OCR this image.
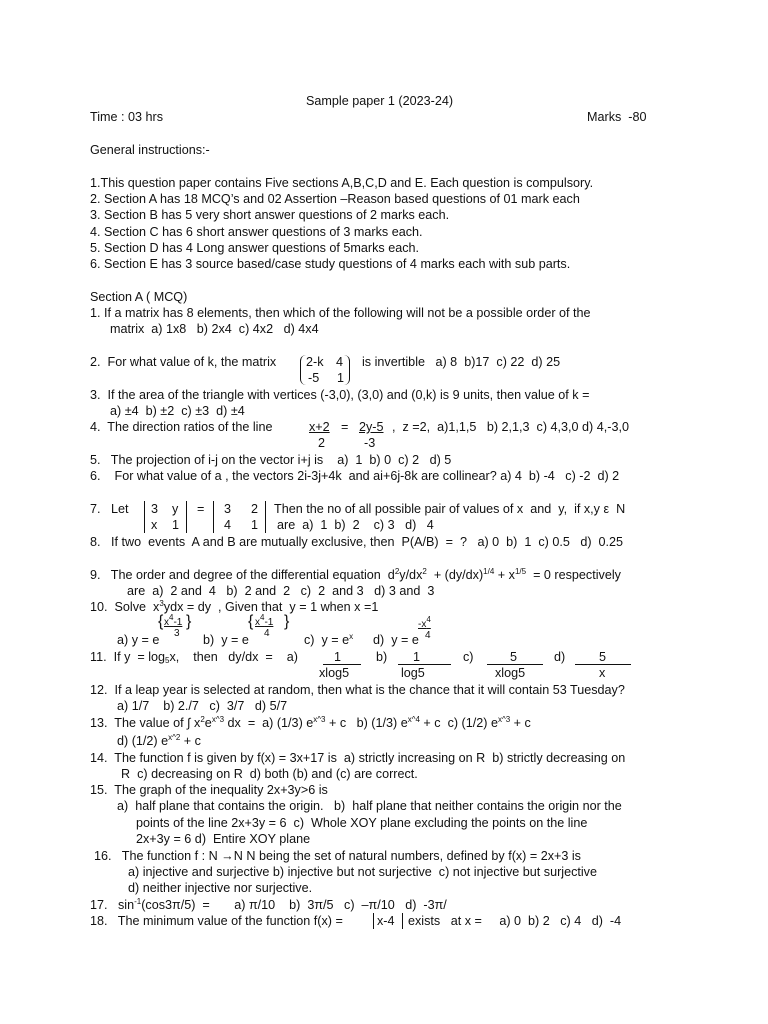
Sample paper 1 (2023-24)
Time : 03 hrs	Marks  -80
General instructions:-
1.This question paper contains Five sections A,B,C,D and E. Each question is compulsory.
2. Section A has 18 MCQ’s and 02 Assertion –Reason based questions of 01 mark each
3. Section B has 5 very short answer questions of 2 marks each.
4. Section C has 6 short answer questions of 3 marks each.
5. Section D has 4 Long answer questions of 5marks each.
6. Section E has 3 source based/case study questions of 4 marks each with sub parts.
Section A ( MCQ)
1. If a matrix has 8 elements, then which of the following will not be a possible order of the
matrix  a) 1x8   b) 2x4  c) 4x2   d) 4x4
2.  For what value of k, the matrix 2-k 4
-5 1
is invertible   a) 8  b)17  c) 22  d) 25
3.  If the area of the triangle with vertices (-3,0), (3,0) and (0,k) is 9 units, then value of k =
a) ±4  b) ±2  c) ±3  d) ±4
4.  The direction ratios of the line	x+2 = 2y-5 ,  z =2,  a)1,1,5   b) 2,1,3  c) 4,3,0 d) 4,-3,0
2	-3
5.   The projection of i-j on the vector i+j is    a)  1  b) 0  c) 2   d) 5
6.    For what value of a , the vectors 2i-3j+4k  and ai+6j-8k are collinear? a) 4  b) -4   c) -2  d) 2
7.   Let 3 y
x 1
= 3 2
4 1
Then the no of all possible pair of values of x  and  y,  if x,y ε  N
are  a)  1  b)  2    c) 3   d)   4
8.   If two  events  A and B are mutually exclusive, then  P(A/B)  =  ?   a) 0  b)  1  c) 0.5   d)  0.25
9.   The order and degree of the differential equation  $d^2y/dx^2 + (dy/dx)^{1/4} + x^{1/5} = 0$ respectively
are  a)  2 and  4   b)  2 and  2   c)  2  and 3   d) 3 and  3
10.  Solve  $x^3ydx$ = dy  , Given that  y = 1 when x =1
$x^4-1$
3
{ }	$x^4-1$
4
{ }	$-x^4$
4
a) y = e	b)  y = e	c)  $y = e^x$ d)  y = e
11.  If $y = \log_5x$,    then   dy/dx  =    a)	1
xlog5
b) 1
log5
c)	5
xlog5
d)	5
x
12.  If a leap year is selected at random, then what is the chance that it will contain 53 Tuesday?
a) 1/7    b) 2./7   c)  3/7   d) 5/7
13.  The value of ∫ $x^2e^{x\^{}3}$ dx  =  a) (1/3) $e^{x\^{}3} + c$   b) (1/3) $e^{x\^{}4} + c$  c) (1/2) $e^{x\^{}3} + c$
d) (1/2) $e^{x\^{}2} + c$
14.  The function f is given by f(x) = 3x+17 is  a) strictly increasing on R  b) strictly decreasing on
R  c) decreasing on R  d) both (b) and (c) are correct.
15.  The graph of the inequality 2x+3y>6 is
a)  half plane that contains the origin.   b)  half plane that neither contains the origin nor the
points of the line 2x+3y = 6  c)  Whole XOY plane excluding the points on the line
2x+3y = 6 d)  Entire XOY plane
16.   The function f : N →N N being the set of natural numbers, defined by f(x) = 2x+3 is
a) injective and surjective b) injective but not surjective  c) not injective but surjective
d) neither injective nor surjective.
17.   $\sin^{-1}(\cos 3\pi/5)$  =       a) π/10    b)  3π/5   c)  –π/10   d)  -3π/
18.   The minimum value of the function f(x) =	x-4 exists   at x =     a) 0  b) 2   c) 4   d)  -4
